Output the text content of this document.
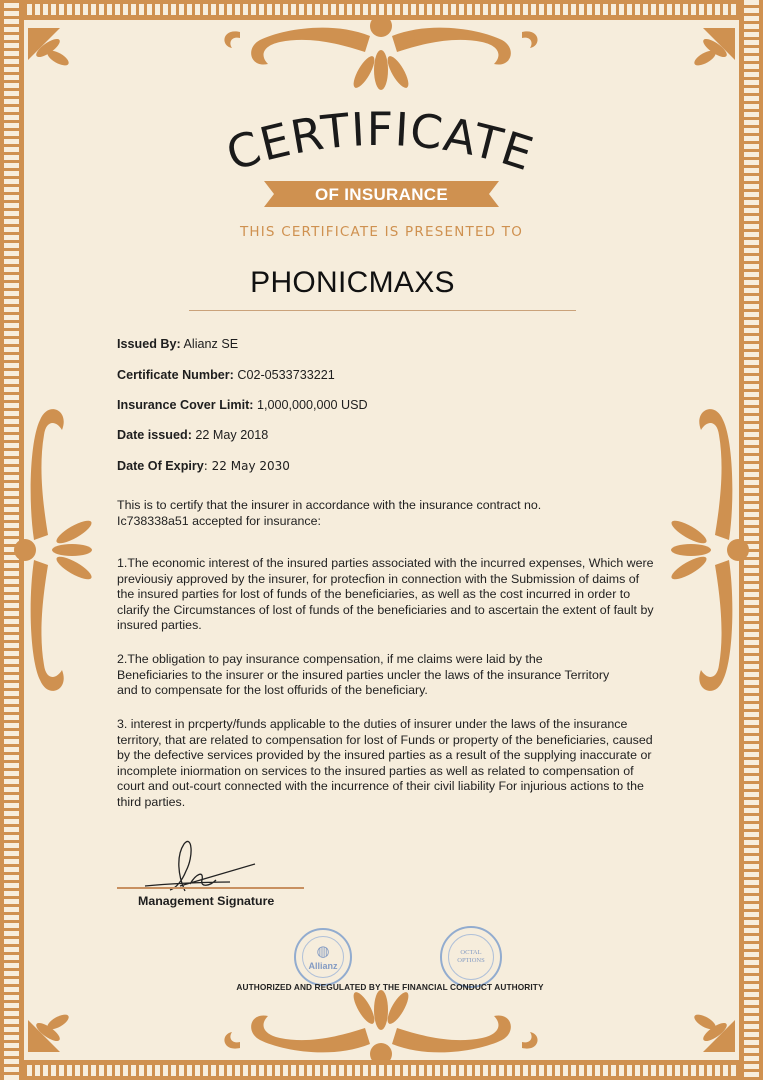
CERTIFICATE
OF INSURANCE
THIS CERTIFICATE IS PRESENTED TO
PHONICMAXS
Issued By: Alianz SE
Certificate Number: C02-0533733221
Insurance Cover Limit: 1,000,000,000 USD
Date issued: 22 May 2018
Date Of Expiry: 22 May 2030
This is to certify that the insurer in accordance with the insurance contract no. Ic738338a51 accepted for insurance:
1.The economic interest of the insured parties associated with the incurred expenses, Which were previousiy approved by the insurer, for protecfion in connection with the Submission of daims of the insured parties for lost of funds of the beneficiaries, as well as the cost incurred in order to clarify the Circumstances of lost of funds of the beneficiaries and to ascertain the extent of fault by insured parties.
2.The obligation to pay insurance compensation, if me claims were laid by the Beneficiaries to the insurer or the insured parties uncler the laws of the insurance Territory and to compensate for the lost offurids of the beneficiary.
3. interest in prcperty/funds applicable to the duties of insurer under the laws of the insurance territory, that are related to compensation for lost of Funds or property of the beneficiaries, caused by the defective services provided by the insured parties as a result of the supplying inaccurate or incomplete iniormation on services to the insured parties as well as related to compensation of court and out-court connected with the incurrence of their civil liability For injurious actions to the third parties.
Management Signature
◍
Allianz
OCTAL OPTIONS
AUTHORIZED AND REGULATED BY THE FINANCIAL CONDUCT AUTHORITY
